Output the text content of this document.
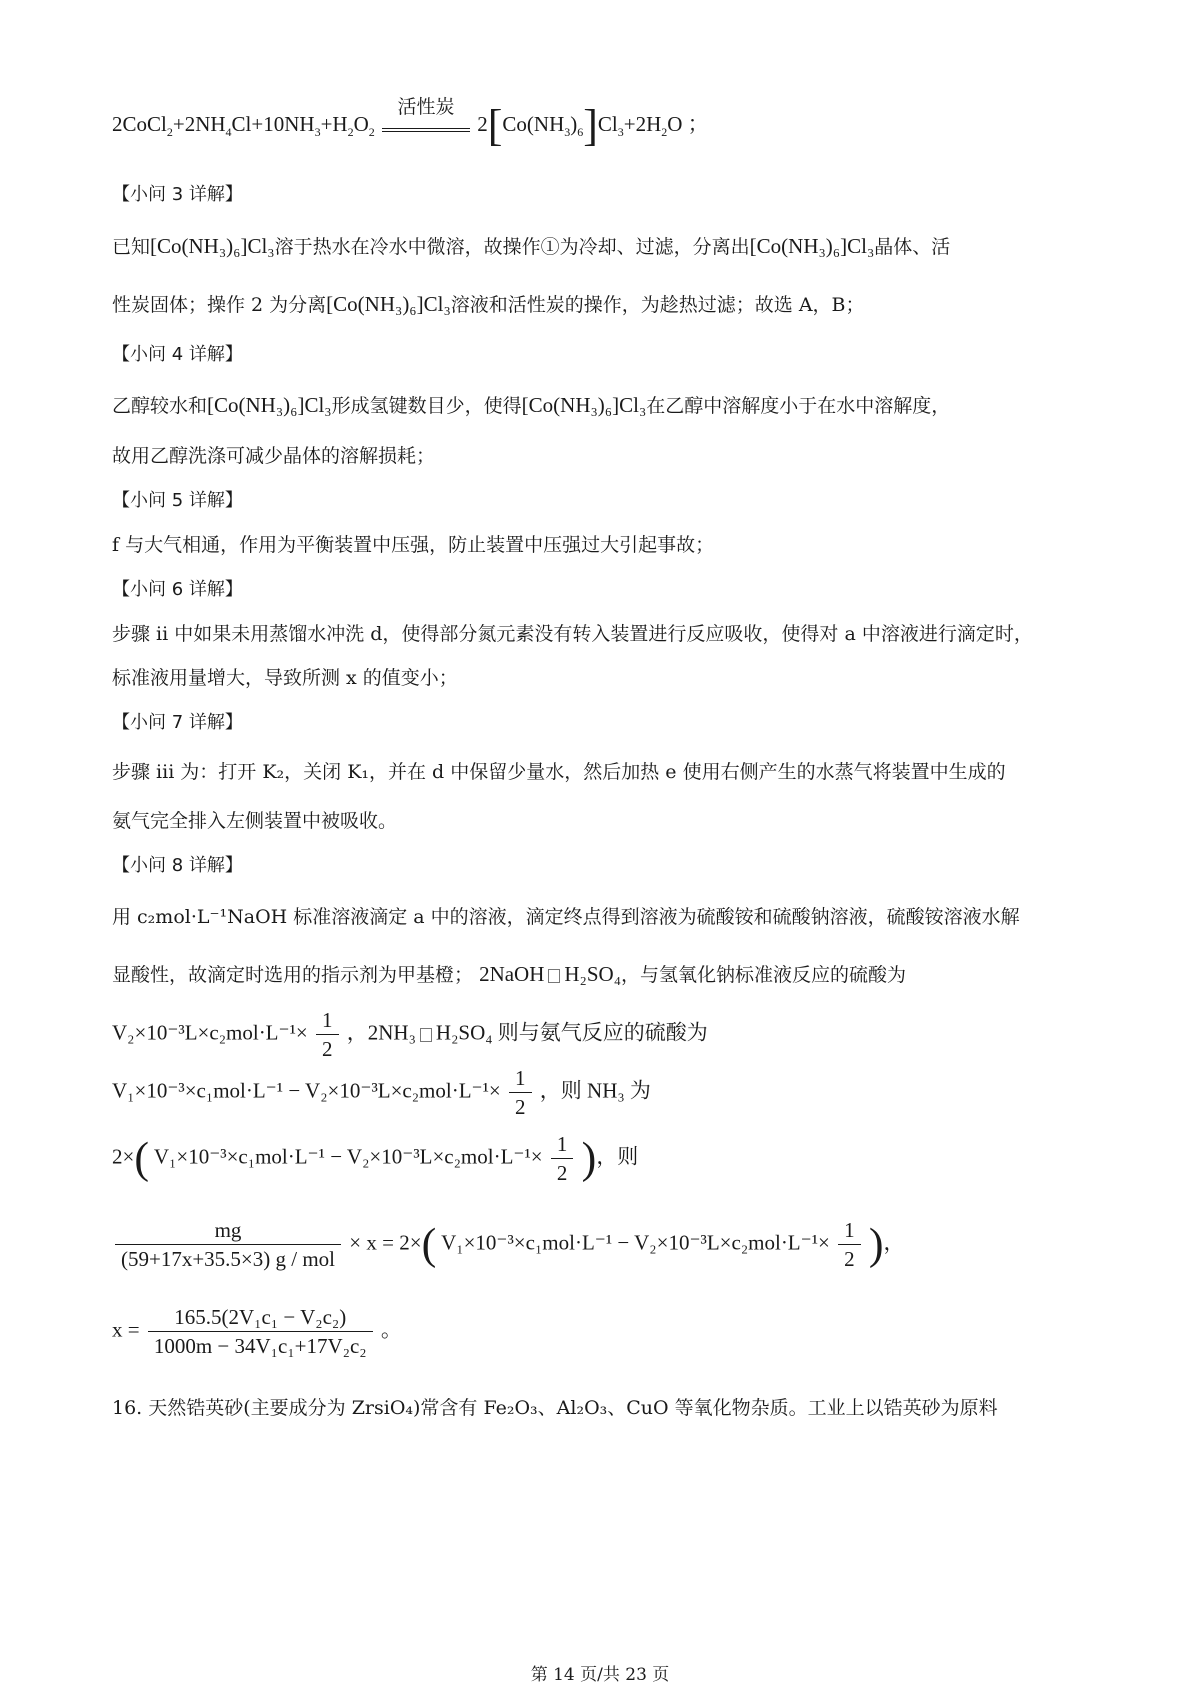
$2CoCl_2+2NH_4Cl+10NH_3+H_2O_2$
活性炭
$2[Co(NH_3)_6]Cl_3+2H_2O$ ；
【小问 3 详解】
已知[Co(NH₃)₆]Cl₃溶于热水在冷水中微溶，故操作①为冷却、过滤，分离出[Co(NH₃)₆]Cl₃晶体、活
性炭固体；操作 2 为分离[Co(NH₃)₆]Cl₃溶液和活性炭的操作，为趁热过滤；故选 A，B；
【小问 4 详解】
乙醇较水和[Co(NH₃)₆]Cl₃形成氢键数目少，使得[Co(NH₃)₆]Cl₃在乙醇中溶解度小于在水中溶解度，
故用乙醇洗涤可减少晶体的溶解损耗；
【小问 5 详解】
f 与大气相通，作用为平衡装置中压强，防止装置中压强过大引起事故；
【小问 6 详解】
步骤 ii 中如果未用蒸馏水冲洗 d，使得部分氮元素没有转入装置进行反应吸收，使得对 a 中溶液进行滴定时，
标准液用量增大，导致所测 x 的值变小；
【小问 7 详解】
步骤 iii 为：打开 K₂，关闭 K₁，并在 d 中保留少量水，然后加热 e 使用右侧产生的水蒸气将装置中生成的
氨气完全排入左侧装置中被吸收。
【小问 8 详解】
用 c₂mol·L⁻¹NaOH 标准溶液滴定 a 中的溶液，滴定终点得到溶液为硫酸铵和硫酸钠溶液，硫酸铵溶液水解
显酸性，故滴定时选用的指示剂为甲基橙； 2NaOH H₂SO₄，与氢氧化钠标准液反应的硫酸为
$V_2\times 10^{-3}L\times c_2mol\cdot L^{-1}\times \frac{1}{2}$ ，2NH₃ H₂SO₄ 则与氨气反应的硫酸为
$V_1\times 10^{-3}\times c_1mol\cdot L^{-1} - V_2\times 10^{-3}L\times c_2mol\cdot L^{-1}\times \frac{1}{2}$ ，则 NH₃ 为
2×( $V_1\times 10^{-3}\times c_1mol\cdot L^{-1} - V_2\times 10^{-3}L\times c_2mol\cdot L^{-1}\times \frac{1}{2}$ )，则
$\frac{mg}{\text{(59+17x+35.5×3) g / mol}} \times x = 2\times$( $V_1\times 10^{-3}\times c_1mol\cdot L^{-1} - V_2\times 10^{-3}L\times c_2mol\cdot L^{-1}\times \frac{1}{2}$ )，
$x = \frac{\text{165.5(2V₁c₁ − V₂c₂)}}{\text{1000m − 34V₁c₁+17V₂c₂}}$ 。
16. 天然锆英砂(主要成分为 ZrsiO₄)常含有 Fe₂O₃、Al₂O₃、CuO 等氧化物杂质。工业上以锆英砂为原料
第 14 页/共 23 页
